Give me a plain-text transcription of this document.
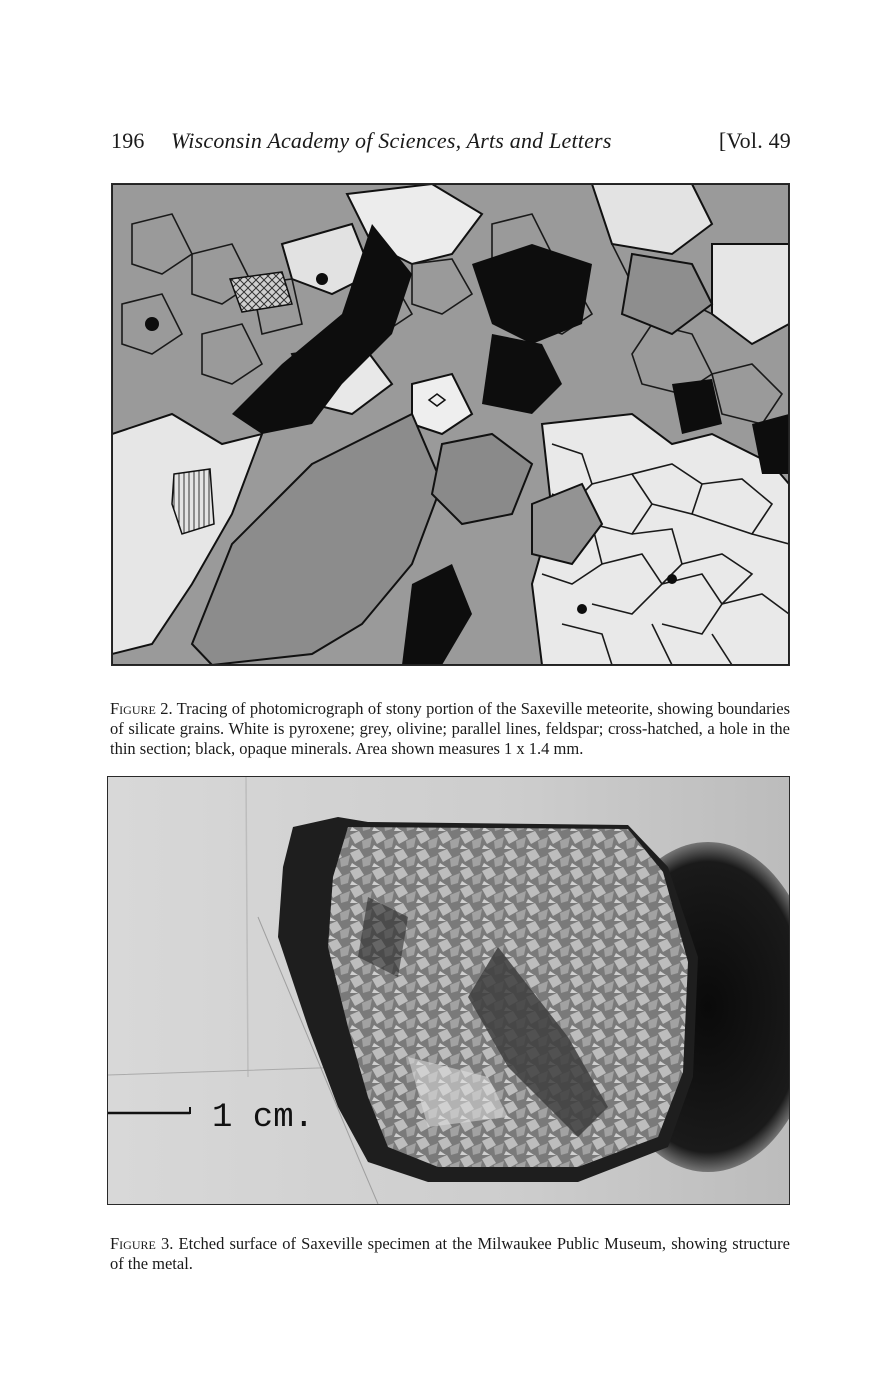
196 Wisconsin Academy of Sciences, Arts and Letters	[Vol. 49

Figure 2. Tracing of photomicrograph of stony portion of the Saxeville meteorite, showing boundaries of silicate grains. White is pyroxene; grey, olivine; parallel lines, feldspar; cross-hatched, a hole in the thin section; black, opaque minerals. Area shown measures 1 x 1.4 mm.

1 cm.

Figure 3. Etched surface of Saxeville specimen at the Milwaukee Public Museum, showing structure of the metal.
